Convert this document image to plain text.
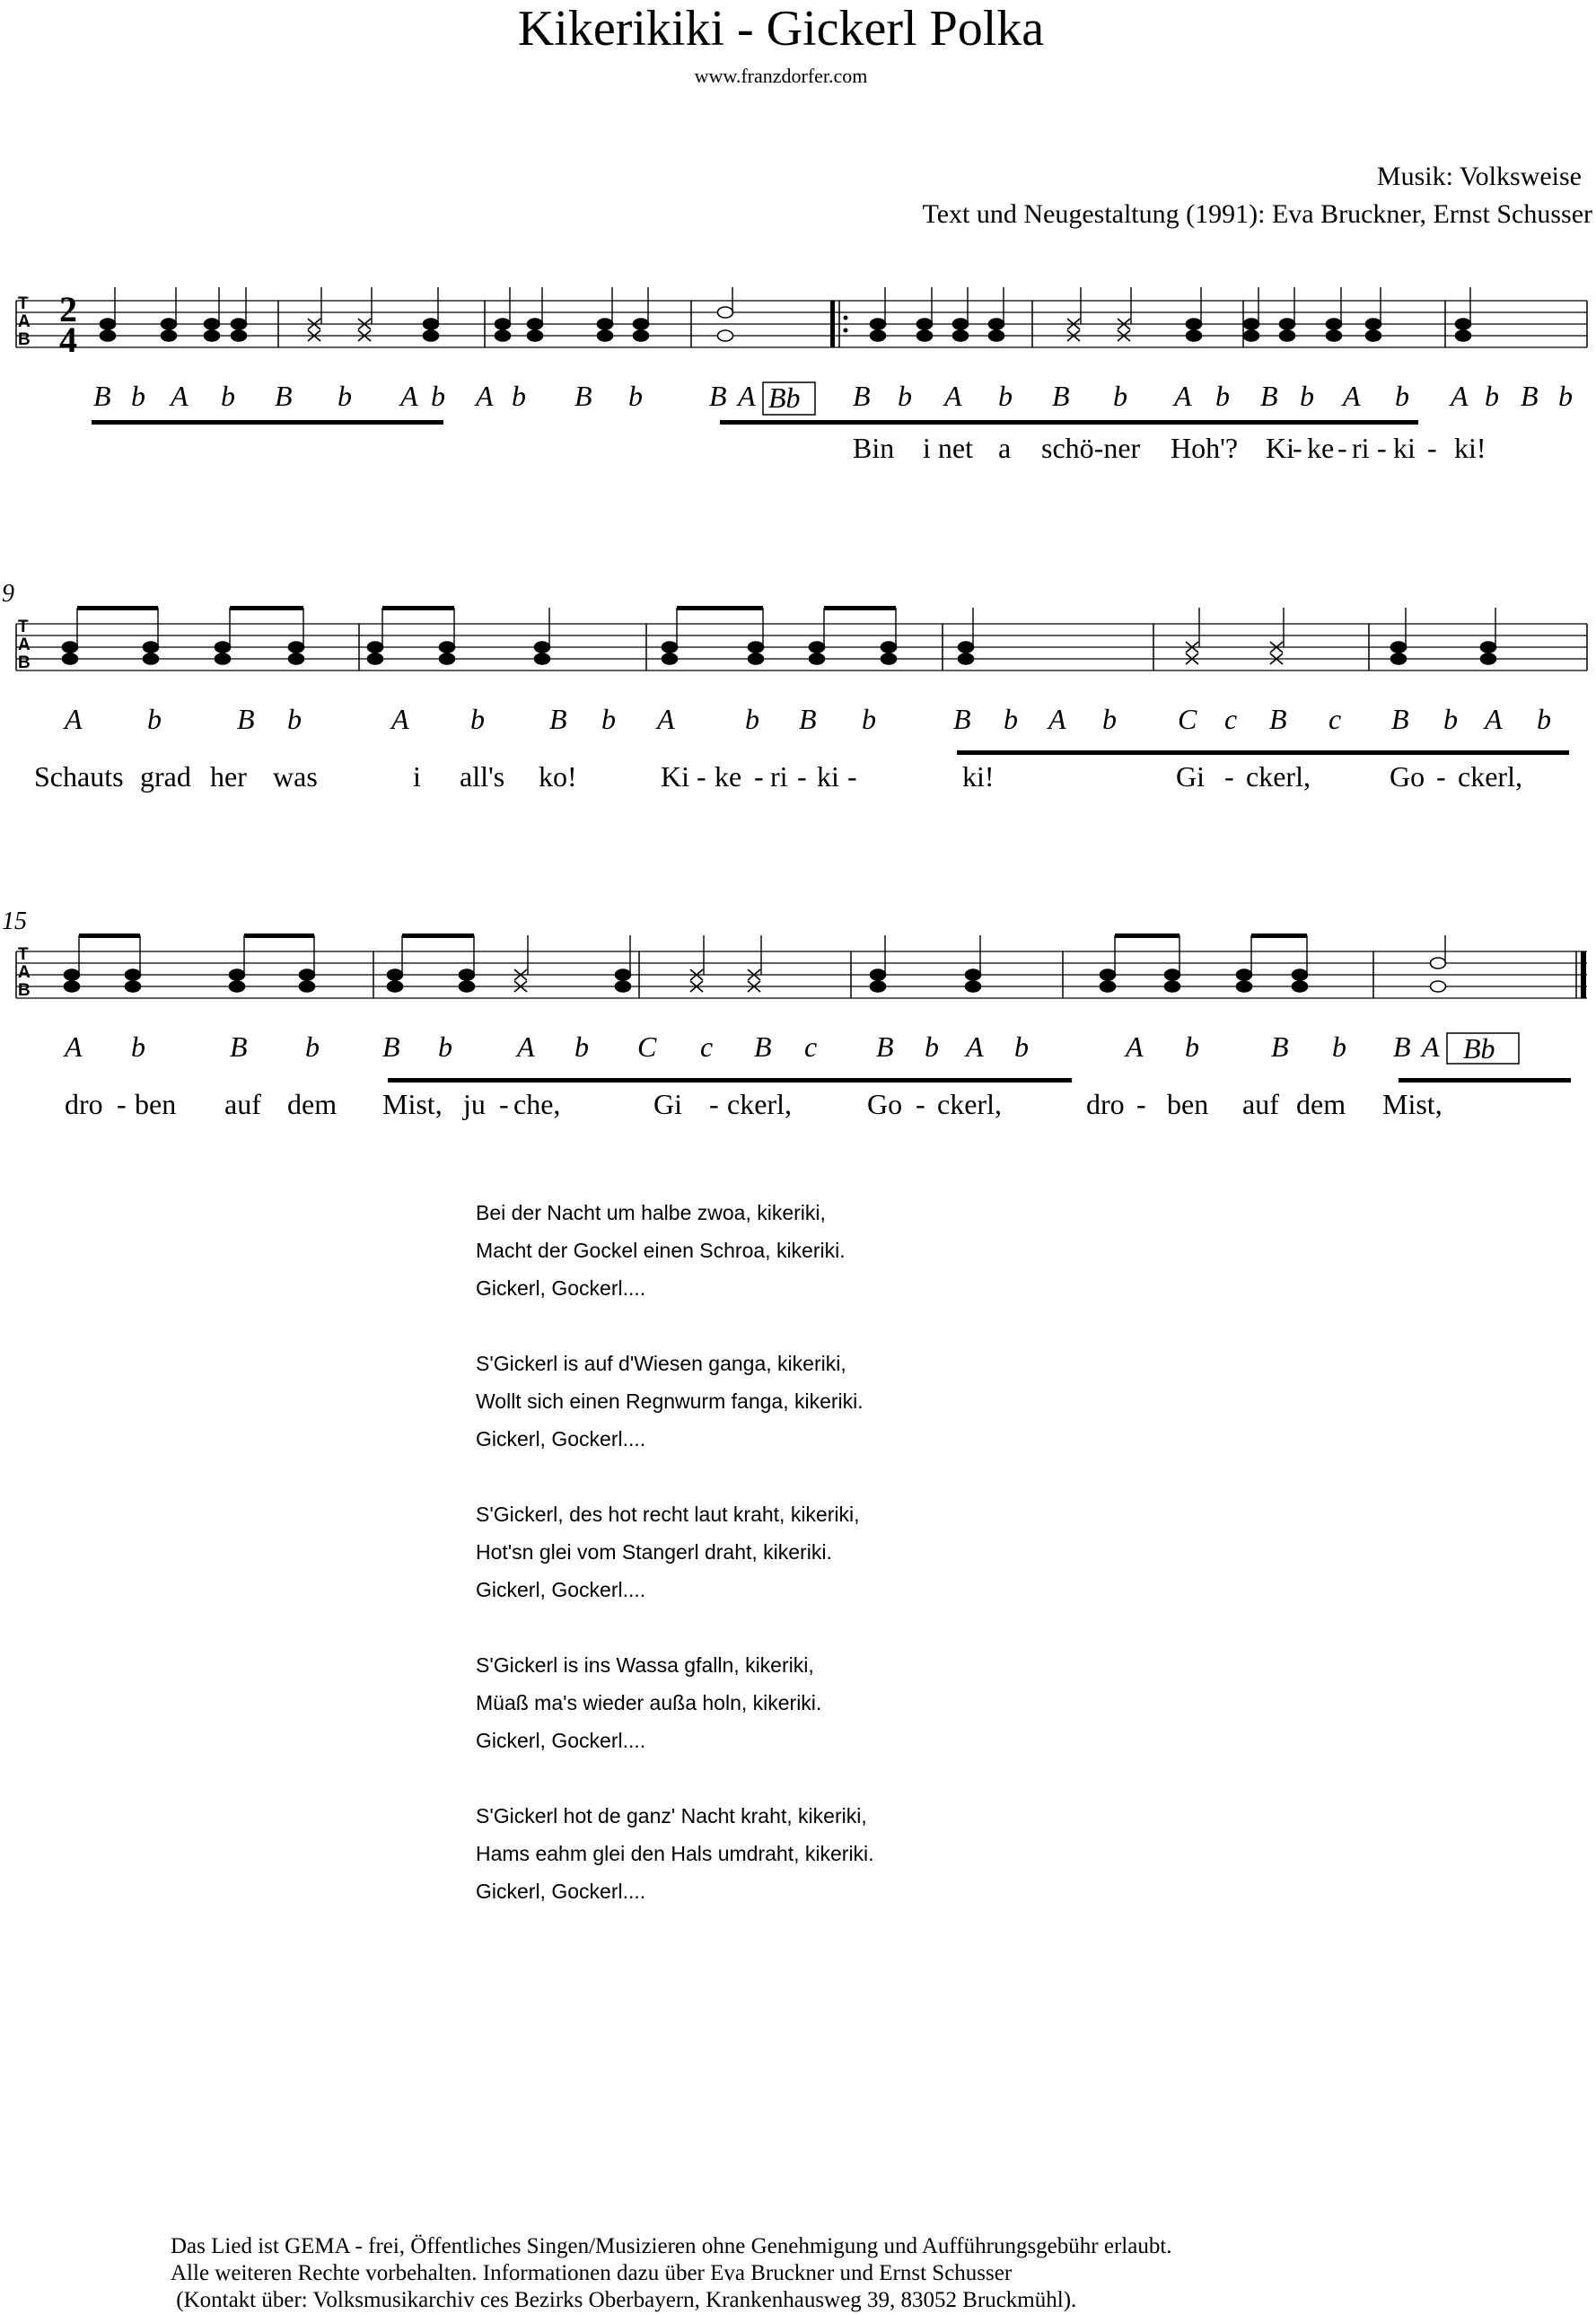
Kikerikiki - Gickerl Polka
www.franzdorfer.com
Musik: Volksweise
Text und Neugestaltung (1991): Eva Bruckner, Ernst Schusser
T
A
B
2
4
B b A b B b A b A b B b B A Bb B b A b B b A b B b A b A b B b
Bin i net a schö-ner Hoh'? Ki
- ke - ri - ki - ki!
9
T
A
B
A b	B b	A b B b A b B b	B b A b C c B c B b A b
Schauts grad her was	i all's ko!	Ki - ke - ri - ki -	ki!	Gi - ckerl,	Go - ckerl,
15
T
A
B
A b	B b B b A b C c B c B b A b	A b	B b B A Bb
dro - ben auf dem Mist, ju - che,	Gi - ckerl,	Go - ckerl,	dro - ben auf dem Mist,
Bei der Nacht um halbe zwoa, kikeriki,
Macht der Gockel einen Schroa, kikeriki.
Gickerl, Gockerl....
S'Gickerl is auf d'Wiesen ganga, kikeriki,
Wollt sich einen Regnwurm fanga, kikeriki.
Gickerl, Gockerl....
S'Gickerl, des hot recht laut kraht, kikeriki,
Hot'sn glei vom Stangerl draht, kikeriki.
Gickerl, Gockerl....
S'Gickerl is ins Wassa gfalln, kikeriki,
Müaß ma's wieder außa holn, kikeriki.
Gickerl, Gockerl....
S'Gickerl hot de ganz' Nacht kraht, kikeriki,
Hams eahm glei den Hals umdraht, kikeriki.
Gickerl, Gockerl....
Das Lied ist GEMA - frei, Öffentliches Singen/Musizieren ohne Genehmigung und Aufführungsgebühr erlaubt.
Alle weiteren Rechte vorbehalten. Informationen dazu über Eva Bruckner und Ernst Schusser
(Kontakt über: Volksmusikarchiv ces Bezirks Oberbayern, Krankenhausweg 39, 83052 Bruckmühl).
